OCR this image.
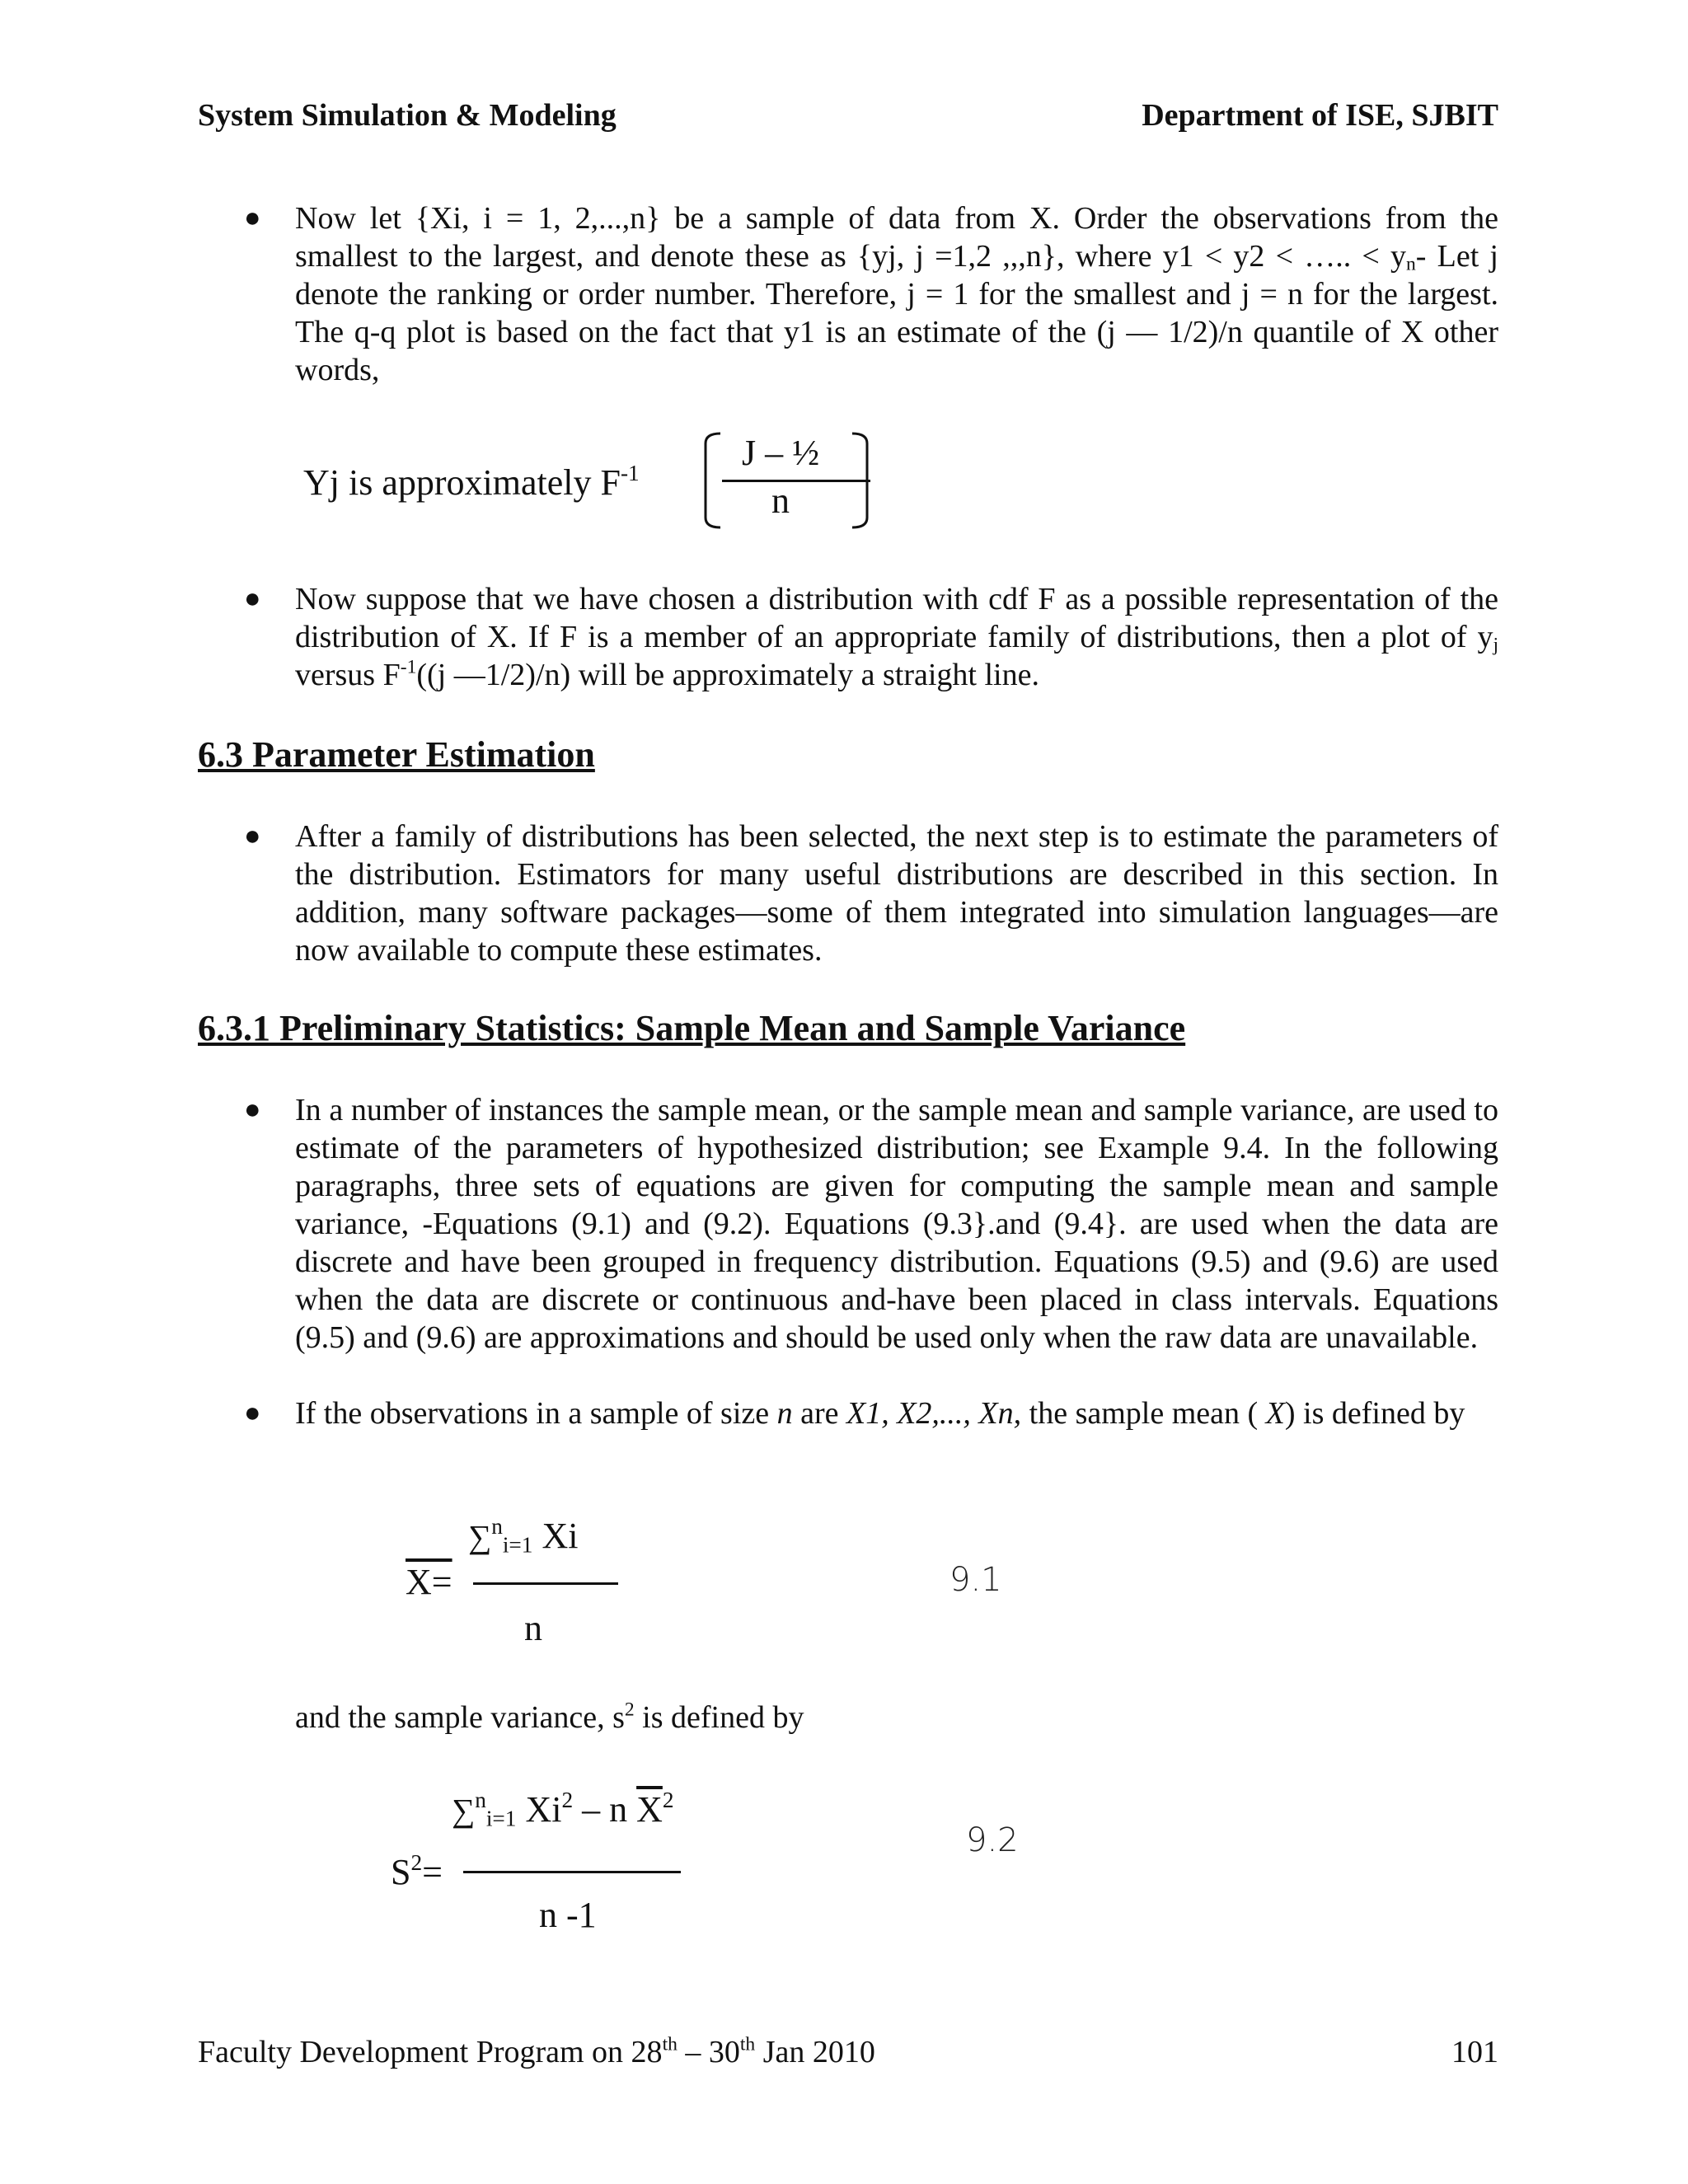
System Simulation & Modeling	Department of ISE, SJBIT
● Now let {Xi, i = 1, 2,...,n} be a sample of data from X. Order the observations from the smallest to the largest, and denote these as {yj, j =1,2 ,,,n}, where y1 < y2 < ….. < $y_n-$ Let j denote the ranking or order number. Therefore, j = 1 for the smallest and j = n for the largest. The q-q plot is based on the fact that y1 is an estimate of the (j — 1/2)/n quantile of X other words,
Yj is approximately $F^{-1}$
J – ½
n
● Now suppose that we have chosen a distribution with cdf F as a possible representation of the distribution of X. If F is a member of an appropriate family of distributions, then a plot of $y_j$ versus $F^{-1}((j$ —1/2)/n) will be approximately a straight line.
6.3 Parameter Estimation
● After a family of distributions has been selected, the next step is to estimate the parameters of the distribution. Estimators for many useful distributions are described in this section. In addition, many software packages—some of them integrated into simulation languages—are now available to compute these estimates.
6.3.1 Preliminary Statistics: Sample Mean and Sample Variance
● In a number of instances the sample mean, or the sample mean and sample variance, are used to estimate of the parameters of hypothesized distribution; see Example 9.4. In the following paragraphs, three sets of equations are given for computing the sample mean and sample variance, -Equations (9.1) and (9.2). Equations (9.3}.and (9.4}. are used when the data are discrete and have been grouped in frequency distribution. Equations (9.5) and (9.6) are used when the data are discrete or continuous and-have been placed in class intervals. Equations (9.5) and (9.6) are approximations and should be used only when the raw data are unavailable.
● If the observations in a sample of size n are X1, X2,..., Xn, the sample mean ( X) is defined by
X=
∑$^n_{i=1}$ Xi
n
9.1
and the sample variance, $s^2$ is defined by
$S^2=$
∑$^n_{i=1}$ Xi$^2$ – n $\overline{X}^2$
n -1
9.2
Faculty Development Program on 28th – 30th Jan 2010	101
